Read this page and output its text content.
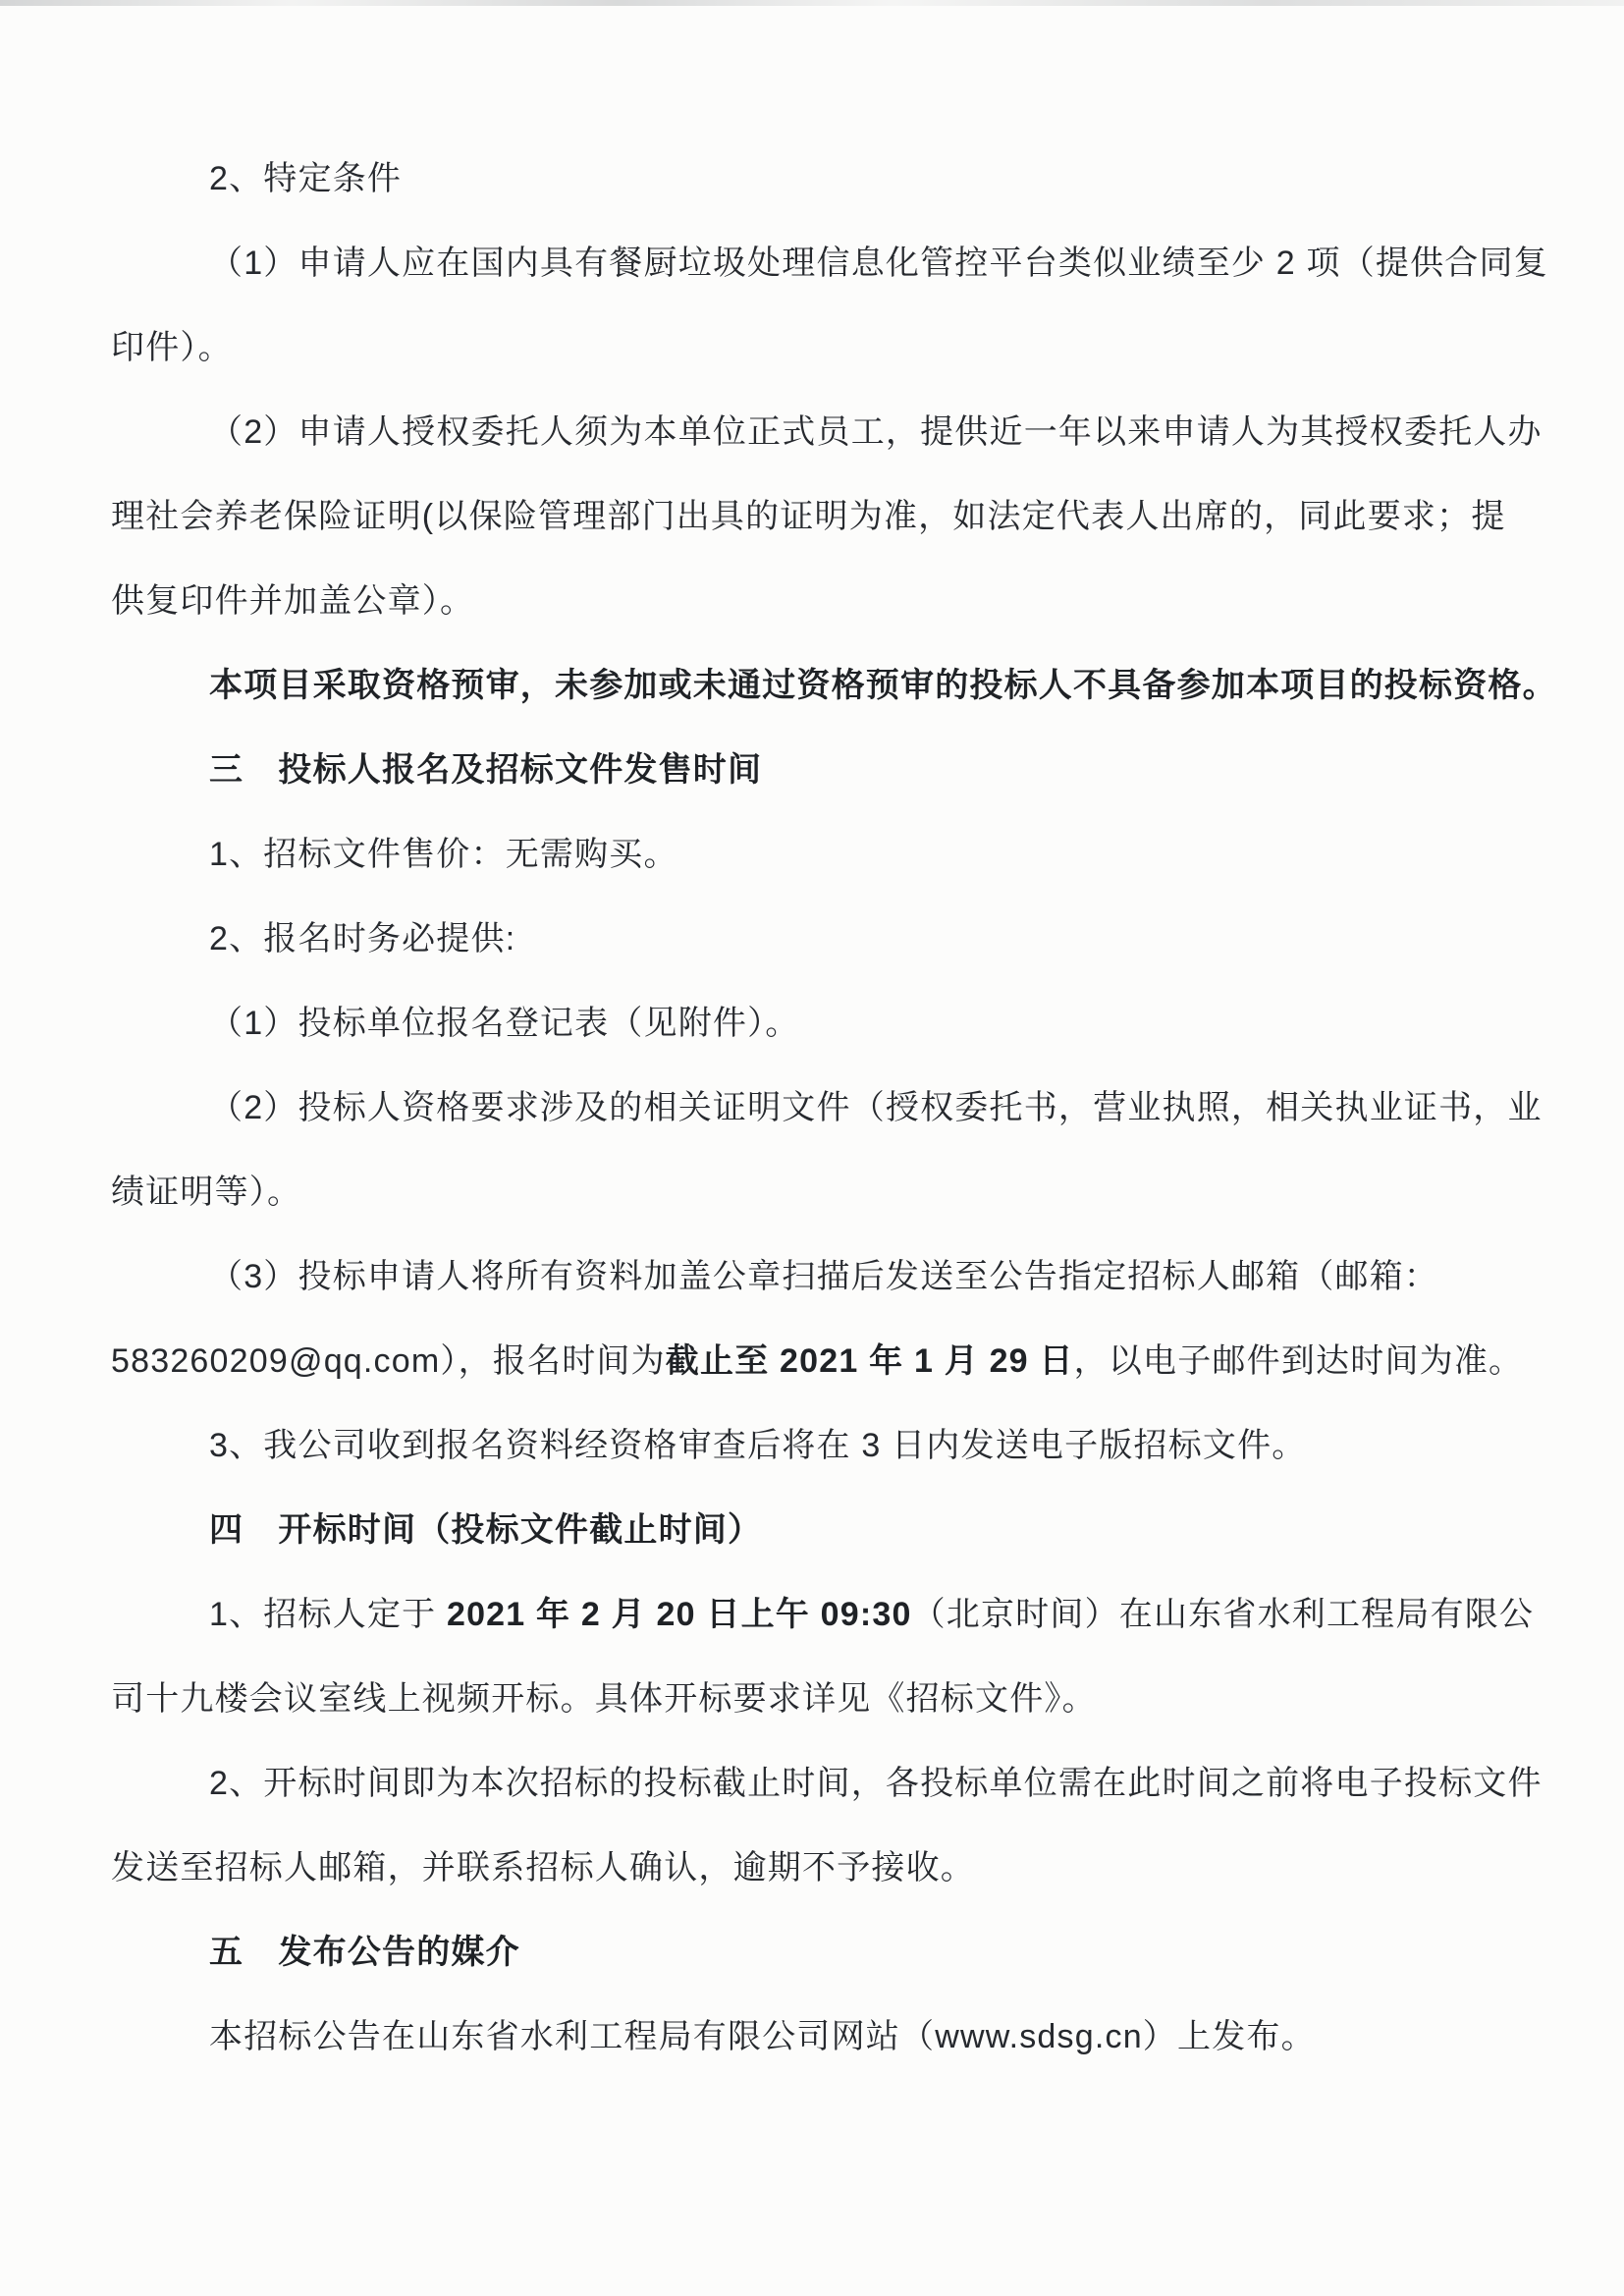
2、特定条件
（1）申请人应在国内具有餐厨垃圾处理信息化管控平台类似业绩至少 2 项（提供合同复
印件）。
（2）申请人授权委托人须为本单位正式员工，提供近一年以来申请人为其授权委托人办
理社会养老保险证明(以保险管理部门出具的证明为准，如法定代表人出席的，同此要求；提
供复印件并加盖公章）。
本项目采取资格预审，未参加或未通过资格预审的投标人不具备参加本项目的投标资格。
三　投标人报名及招标文件发售时间
1、招标文件售价：无需购买。
2、报名时务必提供:
（1）投标单位报名登记表（见附件）。
（2）投标人资格要求涉及的相关证明文件（授权委托书，营业执照，相关执业证书，业
绩证明等）。
（3）投标申请人将所有资料加盖公章扫描后发送至公告指定招标人邮箱（邮箱：
583260209@qq.com），报名时间为截止至 2021 年 1 月 29 日，以电子邮件到达时间为准。
3、我公司收到报名资料经资格审查后将在 3 日内发送电子版招标文件。
四　开标时间（投标文件截止时间）
1、招标人定于 2021 年 2 月 20 日上午 09:30（北京时间）在山东省水利工程局有限公
司十九楼会议室线上视频开标。具体开标要求详见《招标文件》。
2、开标时间即为本次招标的投标截止时间，各投标单位需在此时间之前将电子投标文件
发送至招标人邮箱，并联系招标人确认，逾期不予接收。
五　发布公告的媒介
本招标公告在山东省水利工程局有限公司网站（www.sdsg.cn）上发布。
